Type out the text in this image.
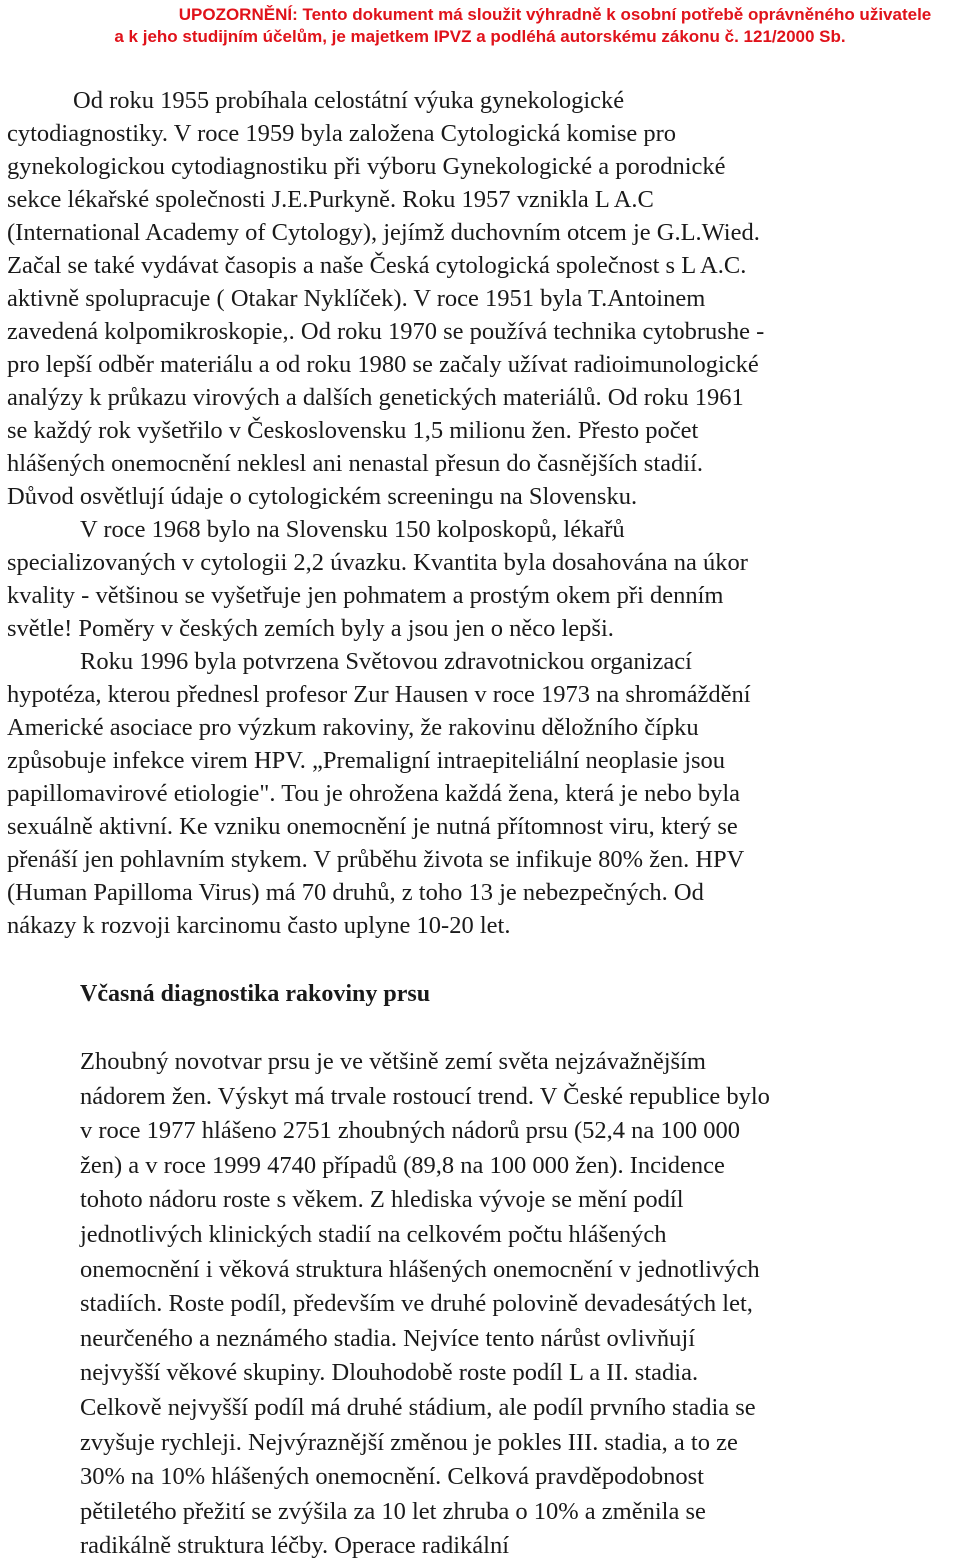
UPOZORNĚNÍ: Tento dokument má sloužit výhradně k osobní potřebě oprávněného uživatele
a k jeho studijním účelům, je majetkem IPVZ a podléhá autorskému zákonu č. 121/2000 Sb.
Od roku 1955 probíhala celostátní výuka gynekologické
cytodiagnostiky. V roce 1959 byla založena Cytologická komise pro
gynekologickou cytodiagnostiku při výboru Gynekologické a porodnické
sekce lékařské společnosti J.E.Purkyně. Roku 1957 vznikla L A.C
(International Academy of Cytology), jejímž duchovním otcem je G.L.Wied.
Začal se také vydávat časopis a naše Česká cytologická společnost s L A.C.
aktivně spolupracuje ( Otakar Nyklíček). V roce 1951 byla T.Antoinem
zavedená kolpomikroskopie,. Od roku 1970 se používá technika cytobrushe -
pro lepší odběr materiálu a od roku 1980 se začaly užívat radioimunologické
analýzy k průkazu virových a dalších genetických materiálů. Od roku 1961
se každý rok vyšetřilo v Československu 1,5 milionu žen. Přesto počet
hlášených onemocnění neklesl ani nenastal přesun do časnějších stadií.
Důvod osvětlují údaje o cytologickém screeningu na Slovensku.
V roce 1968 bylo na Slovensku 150 kolposkopů, lékařů
specializovaných v cytologii 2,2 úvazku. Kvantita byla dosahována na úkor
kvality - většinou se vyšetřuje jen pohmatem a prostým okem při denním
světle! Poměry v českých zemích byly a jsou jen o něco lepši.
Roku 1996 byla potvrzena Světovou zdravotnickou organizací
hypotéza, kterou přednesl profesor Zur Hausen v roce 1973 na shromáždění
Americké asociace pro výzkum rakoviny, že rakovinu děložního čípku
způsobuje infekce virem HPV. „Premaligní intraepiteliální neoplasie jsou
papillomavirové etiologie". Tou je ohrožena každá žena, která je nebo byla
sexuálně aktivní. Ke vzniku onemocnění je nutná přítomnost viru, který se
přenáší jen pohlavním stykem. V průběhu života se infikuje 80% žen. HPV
(Human Papilloma Virus) má 70 druhů, z toho 13 je nebezpečných. Od
nákazy k rozvoji karcinomu často uplyne 10-20 let.
Včasná diagnostika rakoviny prsu
Zhoubný novotvar prsu je ve většině zemí světa nejzávažnějším
nádorem žen. Výskyt má trvale rostoucí trend. V České republice bylo
v roce 1977 hlášeno 2751 zhoubných nádorů prsu (52,4 na 100 000
žen) a v roce 1999 4740 případů (89,8 na 100 000 žen). Incidence
tohoto nádoru roste s věkem. Z hlediska vývoje se mění podíl
jednotlivých klinických stadií na celkovém počtu hlášených
onemocnění i věková struktura hlášených onemocnění v jednotlivých
stadiích. Roste podíl, především ve druhé polovině devadesátých let,
neurčeného a neznámého stadia. Nejvíce tento nárůst ovlivňují
nejvyšší věkové skupiny. Dlouhodobě roste podíl L a II. stadia.
Celkově nejvyšší podíl má druhé stádium, ale podíl prvního stadia se
zvyšuje rychleji. Nejvýraznější změnou je pokles III. stadia, a to ze
30% na 10% hlášených onemocnění. Celková pravděpodobnost
pětiletého přežití se zvýšila za 10 let zhruba o 10% a změnila se
radikálně struktura léčby. Operace radikální
